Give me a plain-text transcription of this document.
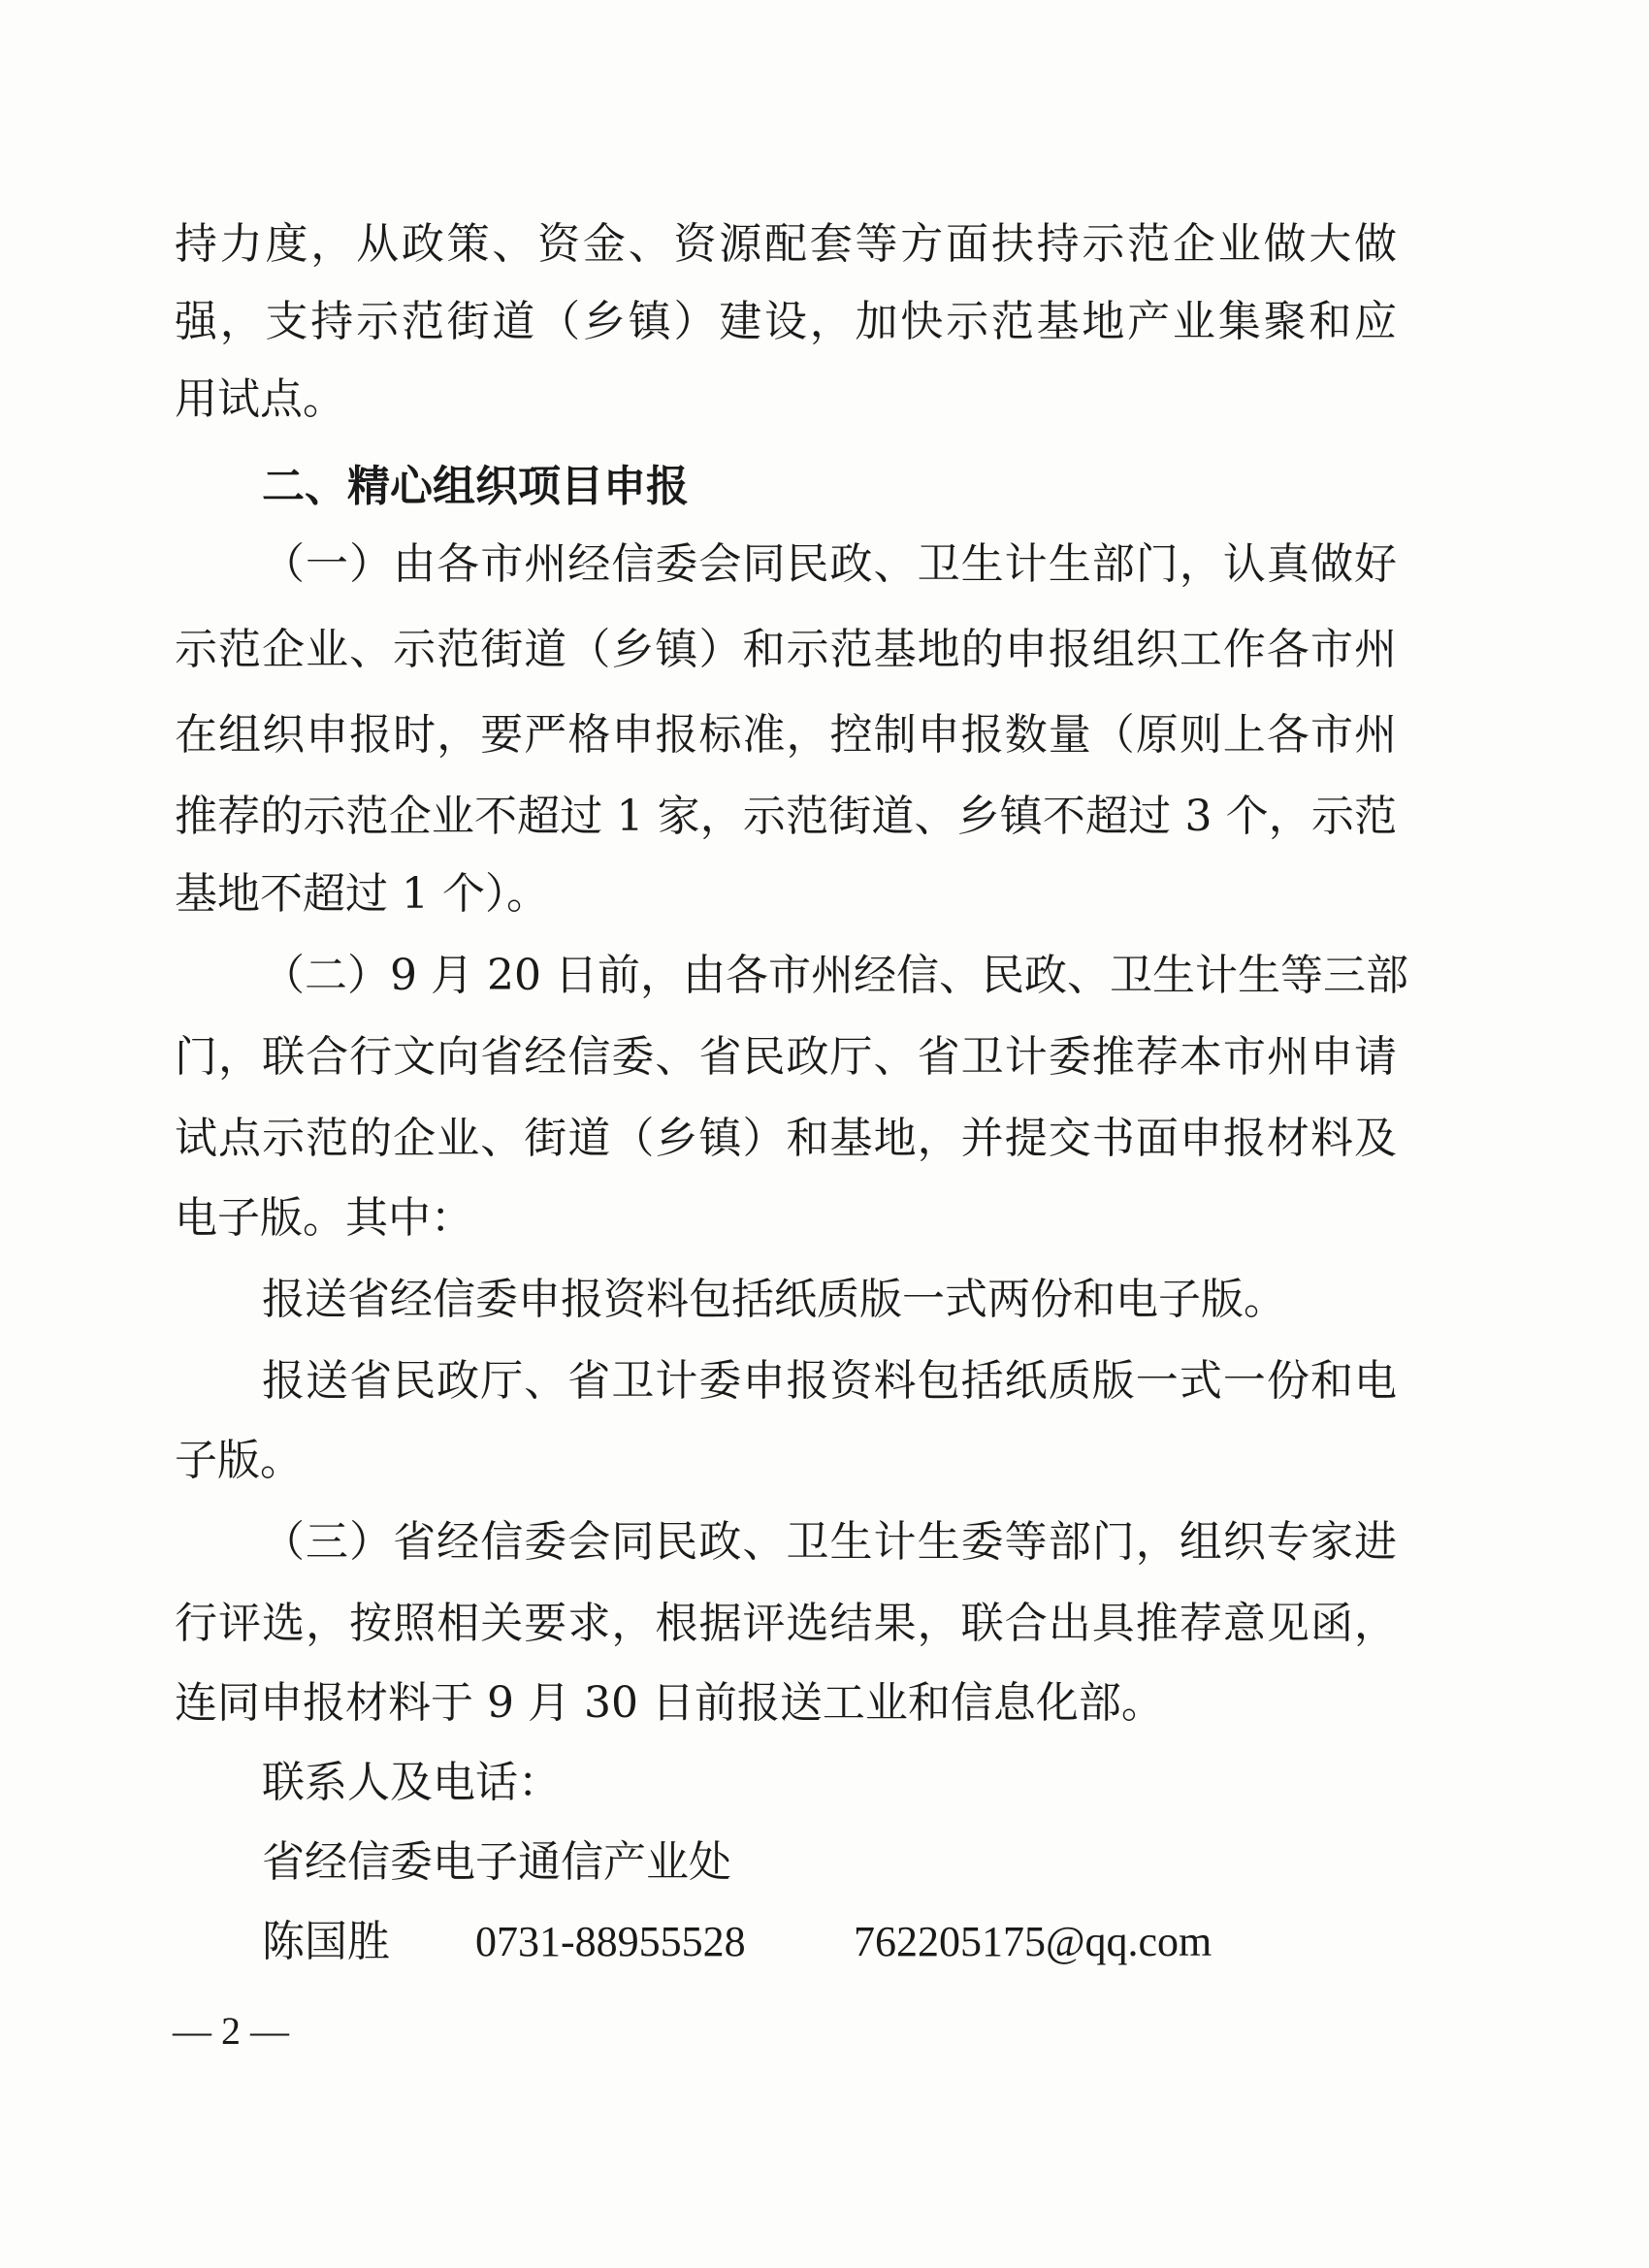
持力度，从政策、资金、资源配套等方面扶持示范企业做大做
强，支持示范街道（乡镇）建设，加快示范基地产业集聚和应
用试点。
二、精心组织项目申报
（一）由各市州经信委会同民政、卫生计生部门，认真做好
示范企业、示范街道（乡镇）和示范基地的申报组织工作各市州
在组织申报时，要严格申报标准，控制申报数量（原则上各市州
推荐的示范企业不超过 1 家，示范街道、乡镇不超过 3 个，示范
基地不超过 1 个）。
（二）9 月 20 日前，由各市州经信、民政、卫生计生等三部
门，联合行文向省经信委、省民政厅、省卫计委推荐本市州申请
试点示范的企业、街道（乡镇）和基地，并提交书面申报材料及
电子版。其中：
报送省经信委申报资料包括纸质版一式两份和电子版。
报送省民政厅、省卫计委申报资料包括纸质版一式一份和电
子版。
（三）省经信委会同民政、卫生计生委等部门，组织专家进
行评选，按照相关要求，根据评选结果，联合出具推荐意见函，
连同申报材料于 9 月 30 日前报送工业和信息化部。
联系人及电话：
省经信委电子通信产业处
陈国胜 0731-88955528	762205175@qq.com
— 2 —
